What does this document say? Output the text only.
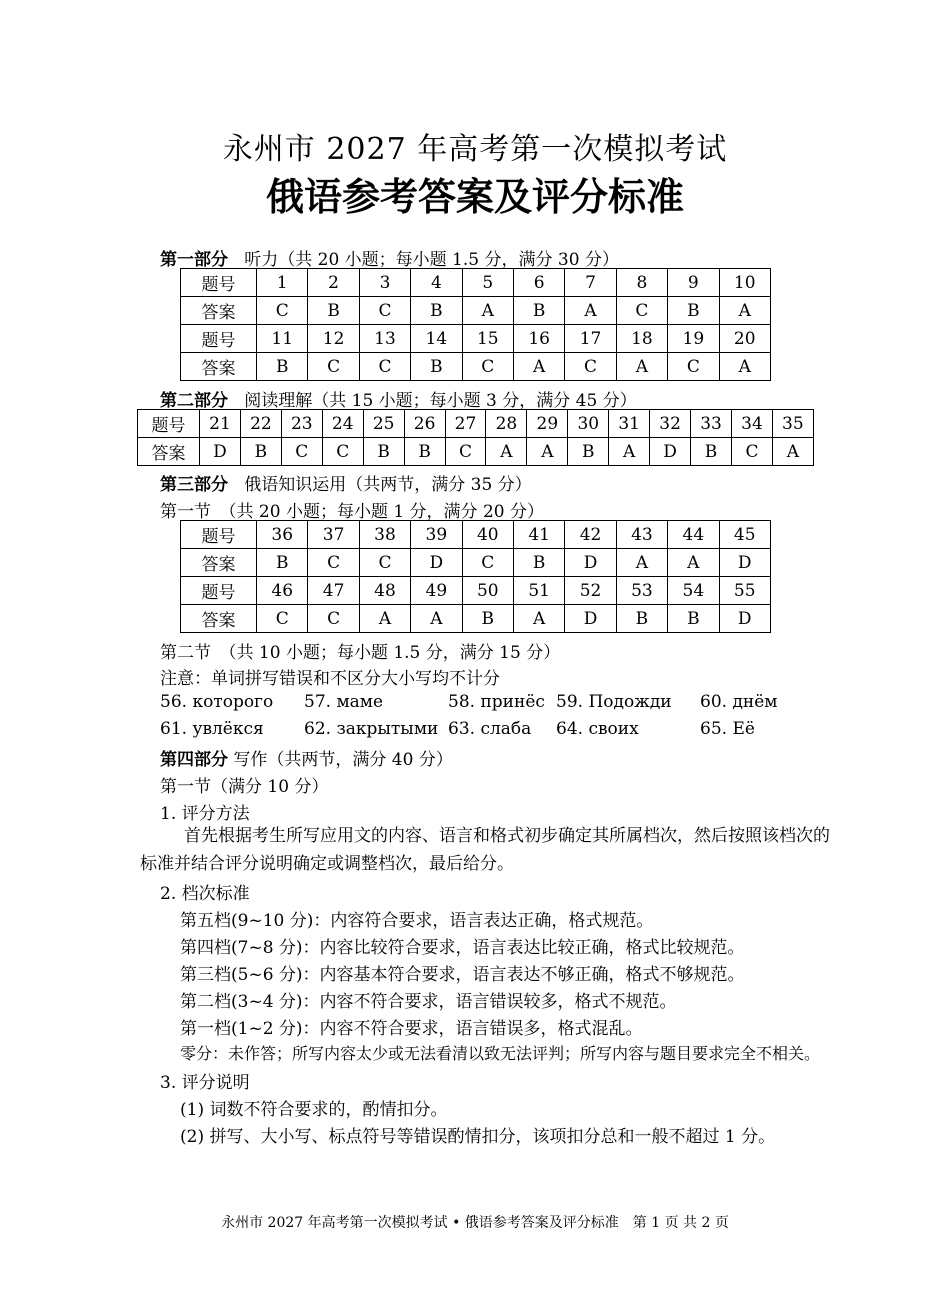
永州市 2027 年高考第一次模拟考试
俄语参考答案及评分标准
第一部分 听力（共 20 小题；每小题 1.5 分，满分 30 分）
题号	1	2	3	4	5	6	7	8	9	10
答案	C	B	C	B	A	B	A	C	B	A
题号	11	12	13	14	15	16	17	18	19	20
答案	B	C	C	B	C	A	C	A	C	A
第二部分 阅读理解（共 15 小题；每小题 3 分，满分 45 分）
题号	21	22	23	24	25	26	27	28	29	30	31	32	33	34	35
答案	D	B	C	C	B	B	C	A	A	B	A	D	B	C	A
第三部分 俄语知识运用（共两节，满分 35 分）
第一节　（共 20 小题；每小题 1 分，满分 20 分）
题号	36	37	38	39	40	41	42	43	44	45
答案	B	C	C	D	C	B	D	A	A	D
题号	46	47	48	49	50	51	52	53	54	55
答案	C	C	A	A	B	A	D	B	B	D
第二节　（共 10 小题；每小题 1.5 分，满分 15 分）
注意：单词拼写错误和不区分大小写均不计分
56. которого 57. маме	58. принёс 59. Подожди 60. днём
61. увлёкся 62. закрытыми 63. слаба 64. своих	65. Её
第四部分 写作（共两节，满分 40 分）
第一节（满分 10 分）
1. 评分方法
首先根据考生所写应用文的内容、语言和格式初步确定其所属档次，然后按照该档次的标准并结合评分说明确定或调整档次，最后给分。
2. 档次标准
第五档(9~10 分)：内容符合要求，语言表达正确，格式规范。
第四档(7~8 分)：内容比较符合要求，语言表达比较正确，格式比较规范。
第三档(5~6 分)：内容基本符合要求，语言表达不够正确，格式不够规范。
第二档(3~4 分)：内容不符合要求，语言错误较多，格式不规范。
第一档(1~2 分)：内容不符合要求，语言错误多，格式混乱。
零分：未作答；所写内容太少或无法看清以致无法评判；所写内容与题目要求完全不相关。
3. 评分说明
(1) 词数不符合要求的，酌情扣分。
(2) 拼写、大小写、标点符号等错误酌情扣分，该项扣分总和一般不超过 1 分。
永州市 2027 年高考第一次模拟考试 • 俄语参考答案及评分标准　第 1 页 共 2 页
